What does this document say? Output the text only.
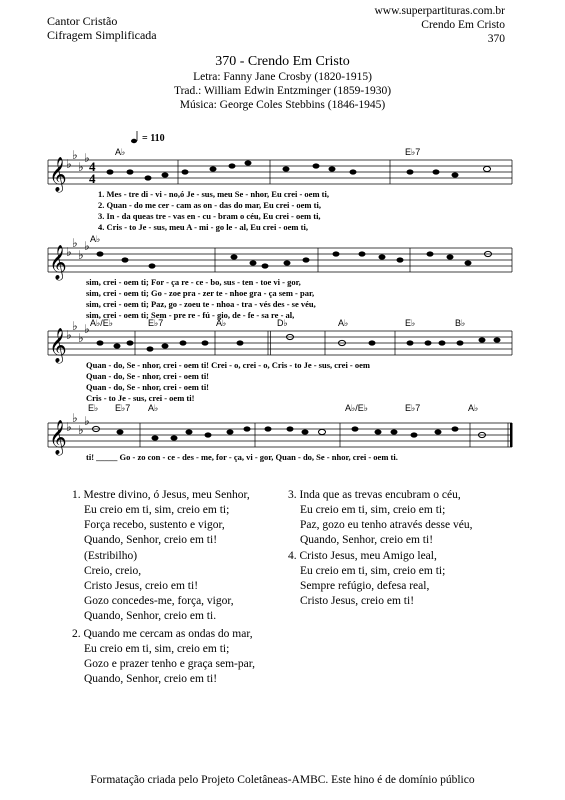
Cantor Cristão
Cifragem Simplificada
www.superpartituras.com.br
Crendo Em Cristo
370
370 - Crendo Em Cristo
Letra: Fanny Jane Crosby (1820-1915)
Trad.: William Edwin Entzminger (1859-1930)
Música: George Coles Stebbins (1846-1945)
𝄞
𝄞
𝄞
𝄞
♭
♭
♭
♭
♭
♭
♭
♭
♭
♭
♭
♭
♭
♭
♭
♭
4
4
= 110
A♭	E♭7
A♭
A♭/E♭	E♭7	A♭	D♭	A♭	E♭	B♭
E♭ E♭7 A♭	A♭/E♭	E♭7	A♭
1. Mes - tre di - vi - no,ó Je - sus, meu Se - nhor, Eu crei - oem ti,
2. Quan - do me cer - cam as on - das do mar, Eu crei - oem ti,
3. In - da queas tre - vas en - cu - bram o céu, Eu crei - oem ti,
4. Cris - to Je - sus, meu A - mi - go le - al, Eu crei - oem ti,
sim, crei - oem ti; For - ça re - ce - bo, sus - ten - toe vi - gor,
sim, crei - oem ti; Go - zoe pra - zer te - nhoe gra - ça sem - par,
sim, crei - oem ti; Paz, go - zoeu te - nhoa - tra - vés des - se véu,
sim, crei - oem ti; Sem - pre re - fú - gio, de - fe - sa re - al,
Quan - do, Se - nhor, crei - oem ti! Crei - o, crei - o, Cris - to Je - sus, crei - oem
Quan - do, Se - nhor, crei - oem ti!
Quan - do, Se - nhor, crei - oem ti!
Cris - to Je - sus, crei - oem ti!
ti! _____ Go - zo con - ce - des - me, for - ça, vi - gor, Quan - do, Se - nhor, crei - oem ti.
1. Mestre divino, ó Jesus, meu Senhor,
Eu creio em ti, sim, creio em ti;
Força recebo, sustento e vigor,
Quando, Senhor, creio em ti!
(Estribilho)
Creio, creio,
Cristo Jesus, creio em ti!
Gozo concedes-me, força, vigor,
Quando, Senhor, creio em ti.
2. Quando me cercam as ondas do mar,
Eu creio em ti, sim, creio em ti;
Gozo e prazer tenho e graça sem-par,
Quando, Senhor, creio em ti!
3. Inda que as trevas encubram o céu,
Eu creio em ti, sim, creio em ti;
Paz, gozo eu tenho através desse véu,
Quando, Senhor, creio em ti!
4. Cristo Jesus, meu Amigo leal,
Eu creio em ti, sim, creio em ti;
Sempre refúgio, defesa real,
Cristo Jesus, creio em ti!
Formatação criada pelo Projeto Coletâneas-AMBC. Este hino é de domínio público
